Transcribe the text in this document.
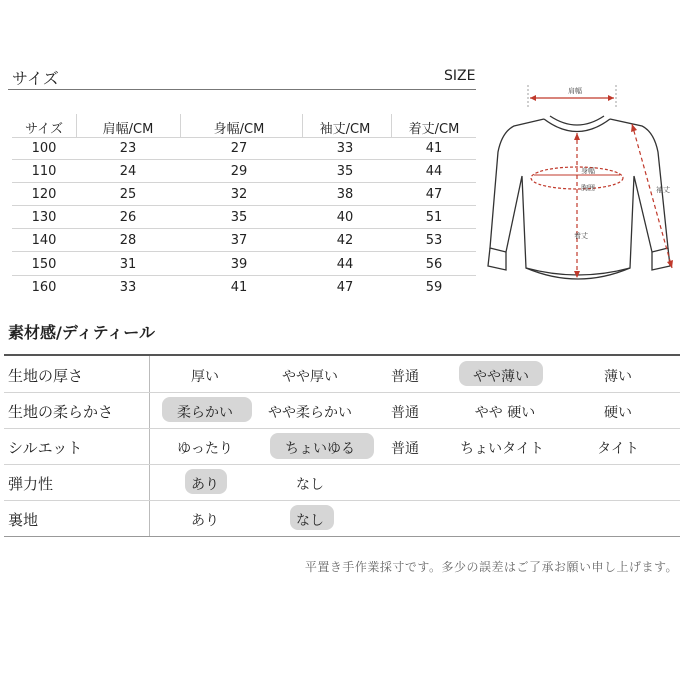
サイズ	SIZE
サイズ	肩幅/CM	身幅/CM	袖丈/CM	着丈/CM
100	23	27	33	41
110	24	29	35	44
120	25	32	38	47
130	26	35	40	51
140	28	37	42	53
150	31	39	44	56
160	33	41	47	59
肩幅
身幅
胸囲
着丈
袖丈
素材感/ディティール
生地の厚さ	厚い	やや厚い	普通	やや薄い	薄い
生地の柔らかさ	柔らかい	やや柔らかい	普通	やや 硬い	硬い
シルエット	ゆったり	ちょいゆる	普通	ちょいタイト	タイト
弾力性	あり	なし
裏地	あり	なし
平置き手作業採寸です。多少の誤差はご了承お願い申し上げます。
